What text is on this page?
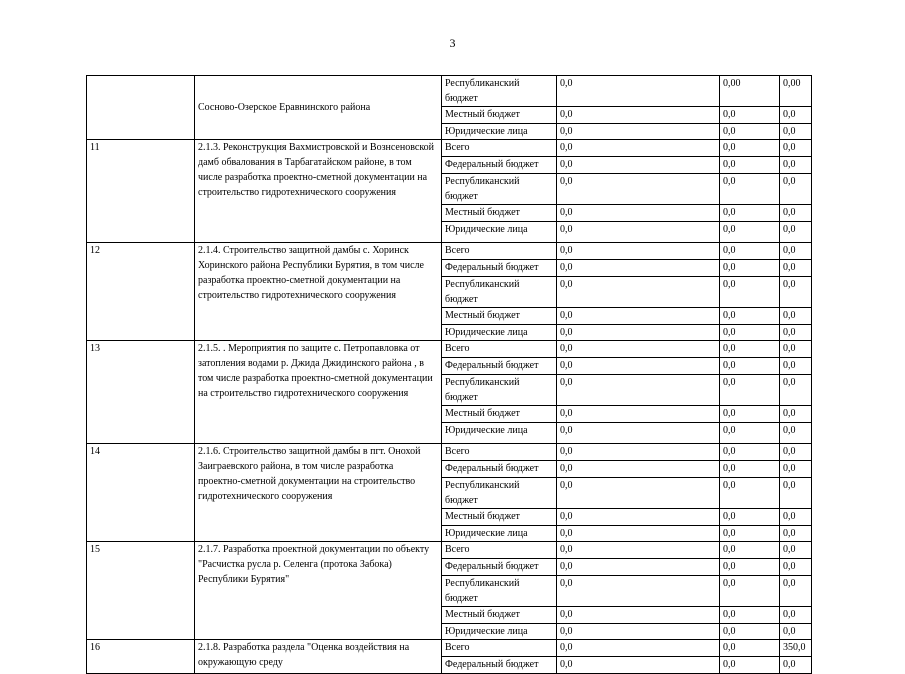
3
	Сосново-Озерское Еравнинского района	Республиканский бюджет	0,0	0,00	0,00
		Местный бюджет	0,0	0,0	0,0
		Юридические лица	0,0	0,0	0,0
11	2.1.3. Реконструкция Вахмистровской и Вознсеновской дамб обвалования в Тарбагатайском районе, в том числе разработка проектно-сметной документации на строительство гидротехнического сооружения	Всего	0,0	0,0	0,0
		Федеральный бюджет	0,0	0,0	0,0
		Республиканский бюджет	0,0	0,0	0,0
		Местный бюджет	0,0	0,0	0,0
		Юридические лица	0,0	0,0	0,0
12	2.1.4. Строительство защитной дамбы с. Хоринск Хоринского района Республики Бурятия, в том числе разработка проектно-сметной документации на строительство гидротехнического сооружения	Всего	0,0	0,0	0,0
		Федеральный бюджет	0,0	0,0	0,0
		Республиканский бюджет	0,0	0,0	0,0
		Местный бюджет	0,0	0,0	0,0
		Юридические лица	0,0	0,0	0,0
13	2.1.5. . Мероприятия по защите с. Петропавловка от затопления водами р. Джида Джидинского района , в том числе разработка проектно-сметной документации на строительство гидротехнического сооружения	Всего	0,0	0,0	0,0
		Федеральный бюджет	0,0	0,0	0,0
		Республиканский бюджет	0,0	0,0	0,0
		Местный бюджет	0,0	0,0	0,0
		Юридические лица	0,0	0,0	0,0
14	2.1.6. Строительство защитной дамбы в пгт. Онохой Заиграевского района, в том числе разработка проектно-сметной документации на строительство гидротехнического сооружения	Всего	0,0	0,0	0,0
		Федеральный бюджет	0,0	0,0	0,0
		Республиканский бюджет	0,0	0,0	0,0
		Местный бюджет	0,0	0,0	0,0
		Юридические лица	0,0	0,0	0,0
15	2.1.7. Разработка проектной документации по объекту "Расчистка русла р. Селенга (протока Забока) Республики Бурятия"	Всего	0,0	0,0	0,0
		Федеральный бюджет	0,0	0,0	0,0
		Республиканский бюджет	0,0	0,0	0,0
		Местный бюджет	0,0	0,0	0,0
		Юридические лица	0,0	0,0	0,0
16	2.1.8. Разработка раздела "Оценка воздействия на окружающую среду	Всего	0,0	0,0	350,0
		Федеральный бюджет	0,0	0,0	0,0
